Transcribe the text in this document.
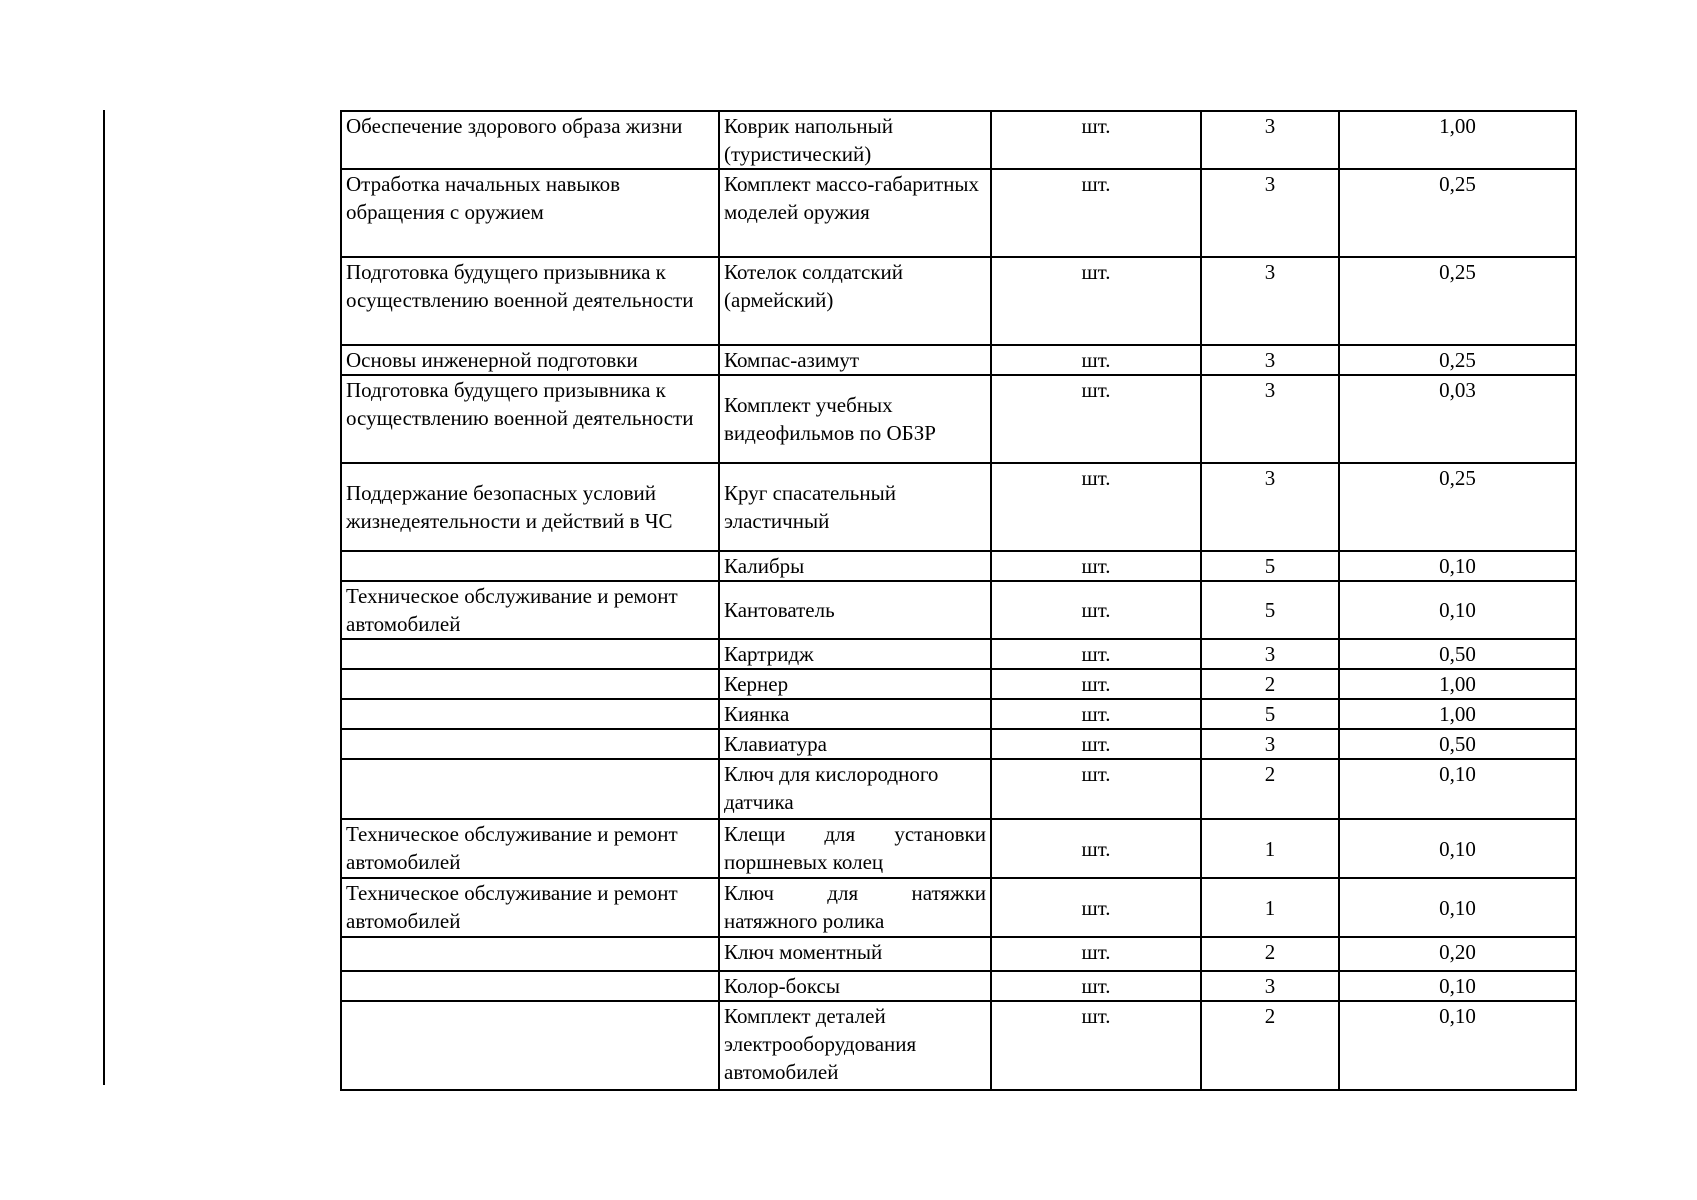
Обеспечение здорового образа жизни	Коврик напольный (туристический)	шт.	3	1,00
Отработка начальных навыков обращения с оружием	Комплект массо-габаритных моделей оружия	шт.	3	0,25
Подготовка будущего призывника к осуществлению военной деятельности	Котелок солдатский (армейский)	шт.	3	0,25
Основы инженерной подготовки	Компас-азимут	шт.	3	0,25
Подготовка будущего призывника к осуществлению военной деятельности	Комплект учебных видеофильмов по ОБЗР	шт.	3	0,03
Поддержание безопасных условий жизнедеятельности и действий в ЧС	Круг спасательный эластичный	шт.	3	0,25
	Калибры	шт.	5	0,10
Техническое обслуживание и ремонт автомобилей	Кантователь	шт.	5	0,10
	Картридж	шт.	3	0,50
	Кернер	шт.	2	1,00
	Киянка	шт.	5	1,00
	Клавиатура	шт.	3	0,50
	Ключ для кислородного датчика	шт.	2	0,10
Техническое обслуживание и ремонт автомобилей	Клещи для установки поршневых колец	шт.	1	0,10
Техническое обслуживание и ремонт автомобилей	Ключ для натяжки натяжного ролика	шт.	1	0,10
	Ключ моментный	шт.	2	0,20
	Колор-боксы	шт.	3	0,10
	Комплект деталей электрооборудования автомобилей	шт.	2	0,10
